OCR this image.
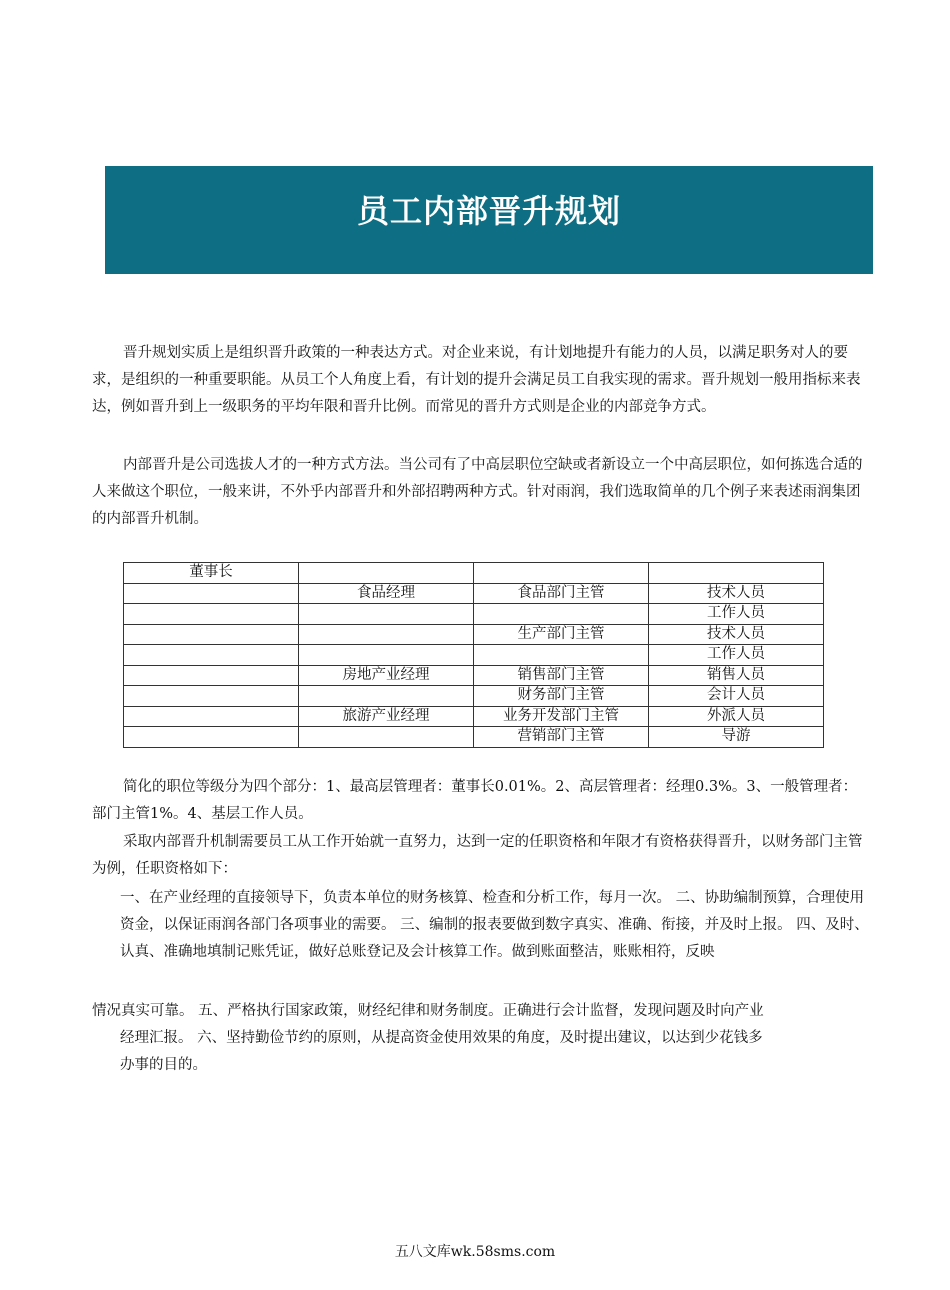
员工内部晋升规划

晋升规划实质上是组织晋升政策的一种表达方式。对企业来说，有计划地提升有能力的人员，以满足职务对人的要求，是组织的一种重要职能。从员工个人角度上看，有计划的提升会满足员工自我实现的需求。晋升规划一般用指标来表达，例如晋升到上一级职务的平均年限和晋升比例。而常见的晋升方式则是企业的内部竞争方式。

内部晋升是公司选拔人才的一种方式方法。当公司有了中高层职位空缺或者新设立一个中高层职位，如何拣选合适的人来做这个职位，一般来讲，不外乎内部晋升和外部招聘两种方式。针对雨润，我们选取简单的几个例子来表述雨润集团的内部晋升机制。

董事长			
	食品经理	食品部门主管	技术人员
			工作人员
		生产部门主管	技术人员
			工作人员
	房地产业经理	销售部门主管	销售人员
		财务部门主管	会计人员
	旅游产业经理	业务开发部门主管	外派人员
		营销部门主管	导游

简化的职位等级分为四个部分：1、最高层管理者：董事长0.01%。2、高层管理者：经理0.3%。3、一般管理者：部门主管1%。4、基层工作人员。

采取内部晋升机制需要员工从工作开始就一直努力，达到一定的任职资格和年限才有资格获得晋升，以财务部门主管为例，任职资格如下：

一、在产业经理的直接领导下，负责本单位的财务核算、检查和分析工作，每月一次。 二、协助编制预算，合理使用资金，以保证雨润各部门各项事业的需要。 三、编制的报表要做到数字真实、准确、衔接，并及时上报。 四、及时、认真、准确地填制记账凭证，做好总账登记及会计核算工作。做到账面整洁，账账相符，反映

情况真实可靠。 五、严格执行国家政策，财经纪律和财务制度。正确进行会计监督，发现问题及时向产业
经理汇报。 六、坚持勤俭节约的原则，从提高资金使用效果的角度，及时提出建议，以达到少花钱多
办事的目的。
五八文库wk.58sms.com
